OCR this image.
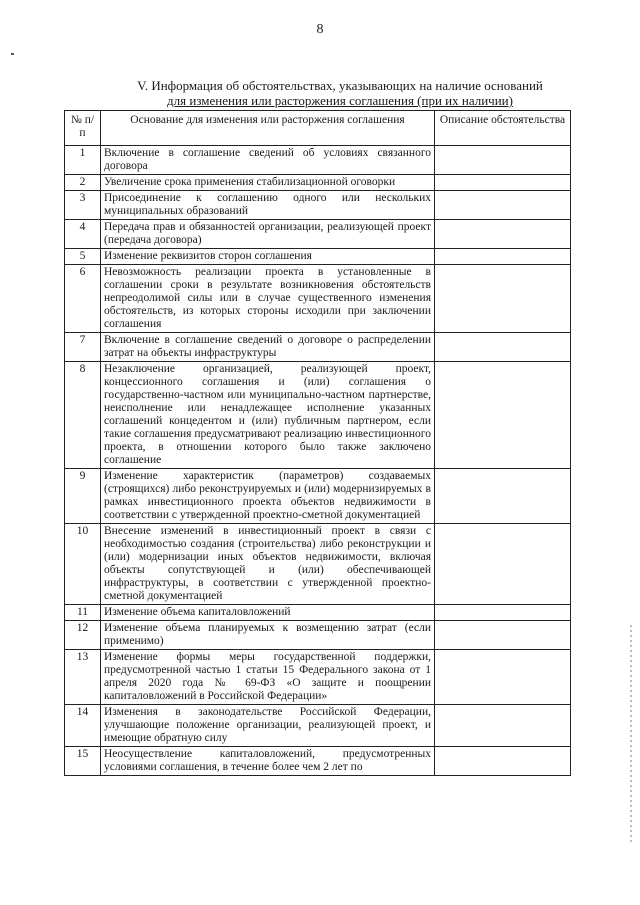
8
V. Информация об обстоятельствах, указывающих на наличие оснований
для изменения или расторжения соглашения (при их наличии)
№ п/п	Основание для изменения или расторжения соглашения	Описание обстоятельства
1	Включение в соглашение сведений об условиях связанного договора	
2	Увеличение срока применения стабилизационной оговорки	
3	Присоединение к соглашению одного или нескольких муниципальных образований	
4	Передача прав и обязанностей организации, реализующей проект (передача договора)	
5	Изменение реквизитов сторон соглашения	
6	Невозможность реализации проекта в установленные в соглашении сроки в результате возникновения обстоятельств непреодолимой силы или в случае существенного изменения обстоятельств, из которых стороны исходили при заключении соглашения	
7	Включение в соглашение сведений о договоре о распределении затрат на объекты инфраструктуры	
8	Незаключение организацией, реализующей проект, концессионного соглашения и (или) соглашения о государственно-частном или муниципально-частном партнерстве, неисполнение или ненадлежащее исполнение указанных соглашений концедентом и (или) публичным партнером, если такие соглашения предусматривают реализацию инвестиционного проекта, в отношении которого было также заключено соглашение	
9	Изменение характеристик (параметров) создаваемых (строящихся) либо реконструируемых и (или) модернизируемых в рамках инвестиционного проекта объектов недвижимости в соответствии с утвержденной проектно-сметной документацией	
10	Внесение изменений в инвестиционный проект в связи с необходимостью создания (строительства) либо реконструкции и (или) модернизации иных объектов недвижимости, включая объекты сопутствующей и (или) обеспечивающей инфраструктуры, в соответствии с утвержденной проектно-сметной документацией	
11	Изменение объема капиталовложений	
12	Изменение объема планируемых к возмещению затрат (если применимо)	
13	Изменение формы меры государственной поддержки, предусмотренной частью 1 статьи 15 Федерального закона от 1 апреля 2020 года № 69-ФЗ «О защите и поощрении капиталовложений в Российской Федерации»	
14	Изменения в законодательстве Российской Федерации, улучшающие положение организации, реализующей проект, и имеющие обратную силу	
15	Неосуществление капиталовложений, предусмотренных условиями соглашения, в течение более чем 2 лет по	
